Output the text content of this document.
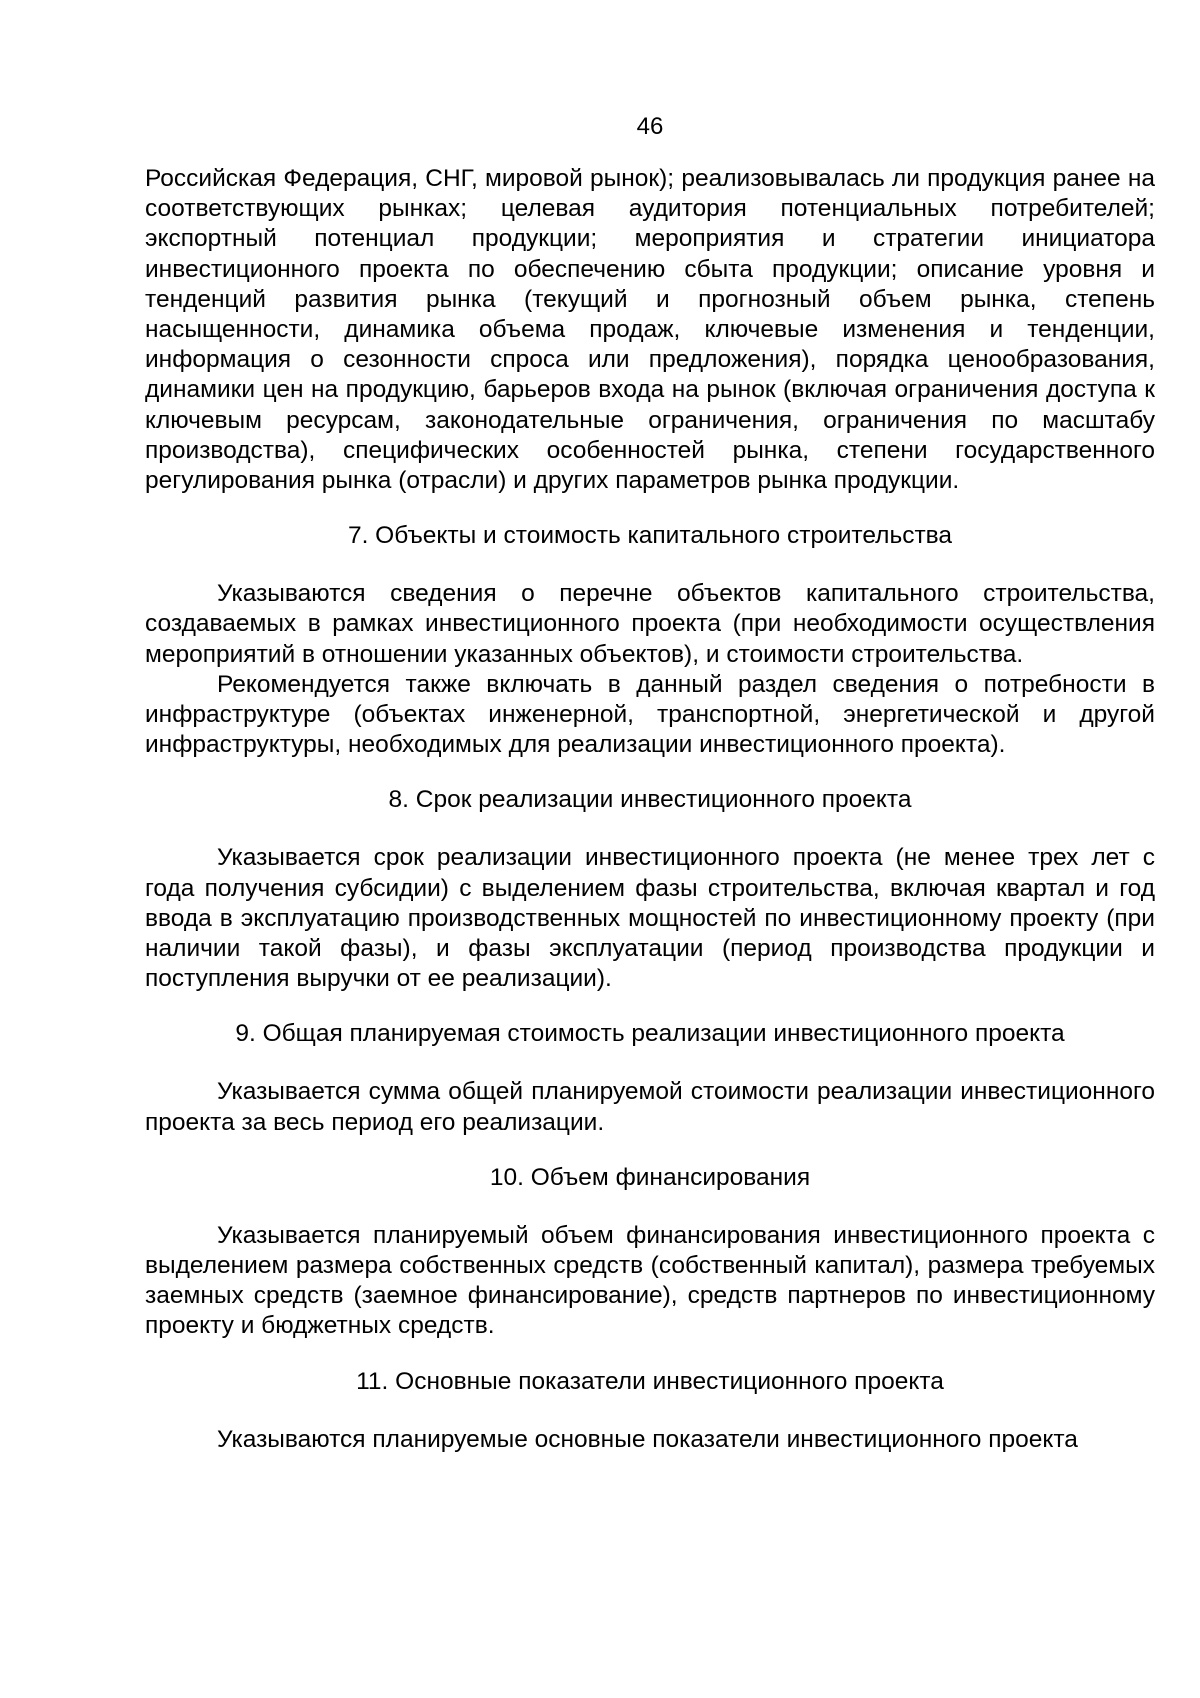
46

Российская Федерация, СНГ, мировой рынок); реализовывалась ли продукция ранее на соответствующих рынках; целевая аудитория потенциальных потребителей; экспортный потенциал продукции; мероприятия и стратегии инициатора инвестиционного проекта по обеспечению сбыта продукции; описание уровня и тенденций развития рынка (текущий и прогнозный объем рынка, степень насыщенности, динамика объема продаж, ключевые изменения и тенденции, информация о сезонности спроса или предложения), порядка ценообразования, динамики цен на продукцию, барьеров входа на рынок (включая ограничения доступа к ключевым ресурсам, законодательные ограничения, ограничения по масштабу производства), специфических особенностей рынка, степени государственного регулирования рынка (отрасли) и других параметров рынка продукции.

7. Объекты и стоимость капитального строительства

Указываются сведения о перечне объектов капитального строительства, создаваемых в рамках инвестиционного проекта (при необходимости осуществления мероприятий в отношении указанных объектов), и стоимости строительства.

Рекомендуется также включать в данный раздел сведения о потребности в инфраструктуре (объектах инженерной, транспортной, энергетической и другой инфраструктуры, необходимых для реализации инвестиционного проекта).

8. Срок реализации инвестиционного проекта

Указывается срок реализации инвестиционного проекта (не менее трех лет с года получения субсидии) с выделением фазы строительства, включая квартал и год ввода в эксплуатацию производственных мощностей по инвестиционному проекту (при наличии такой фазы), и фазы эксплуатации (период производства продукции и поступления выручки от ее реализации).

9. Общая планируемая стоимость реализации инвестиционного проекта

Указывается сумма общей планируемой стоимости реализации инвестиционного проекта за весь период его реализации.

10. Объем финансирования

Указывается планируемый объем финансирования инвестиционного проекта с выделением размера собственных средств (собственный капитал), размера требуемых заемных средств (заемное финансирование), средств партнеров по инвестиционному проекту и бюджетных средств.

11. Основные показатели инвестиционного проекта

Указываются планируемые основные показатели инвестиционного проекта
